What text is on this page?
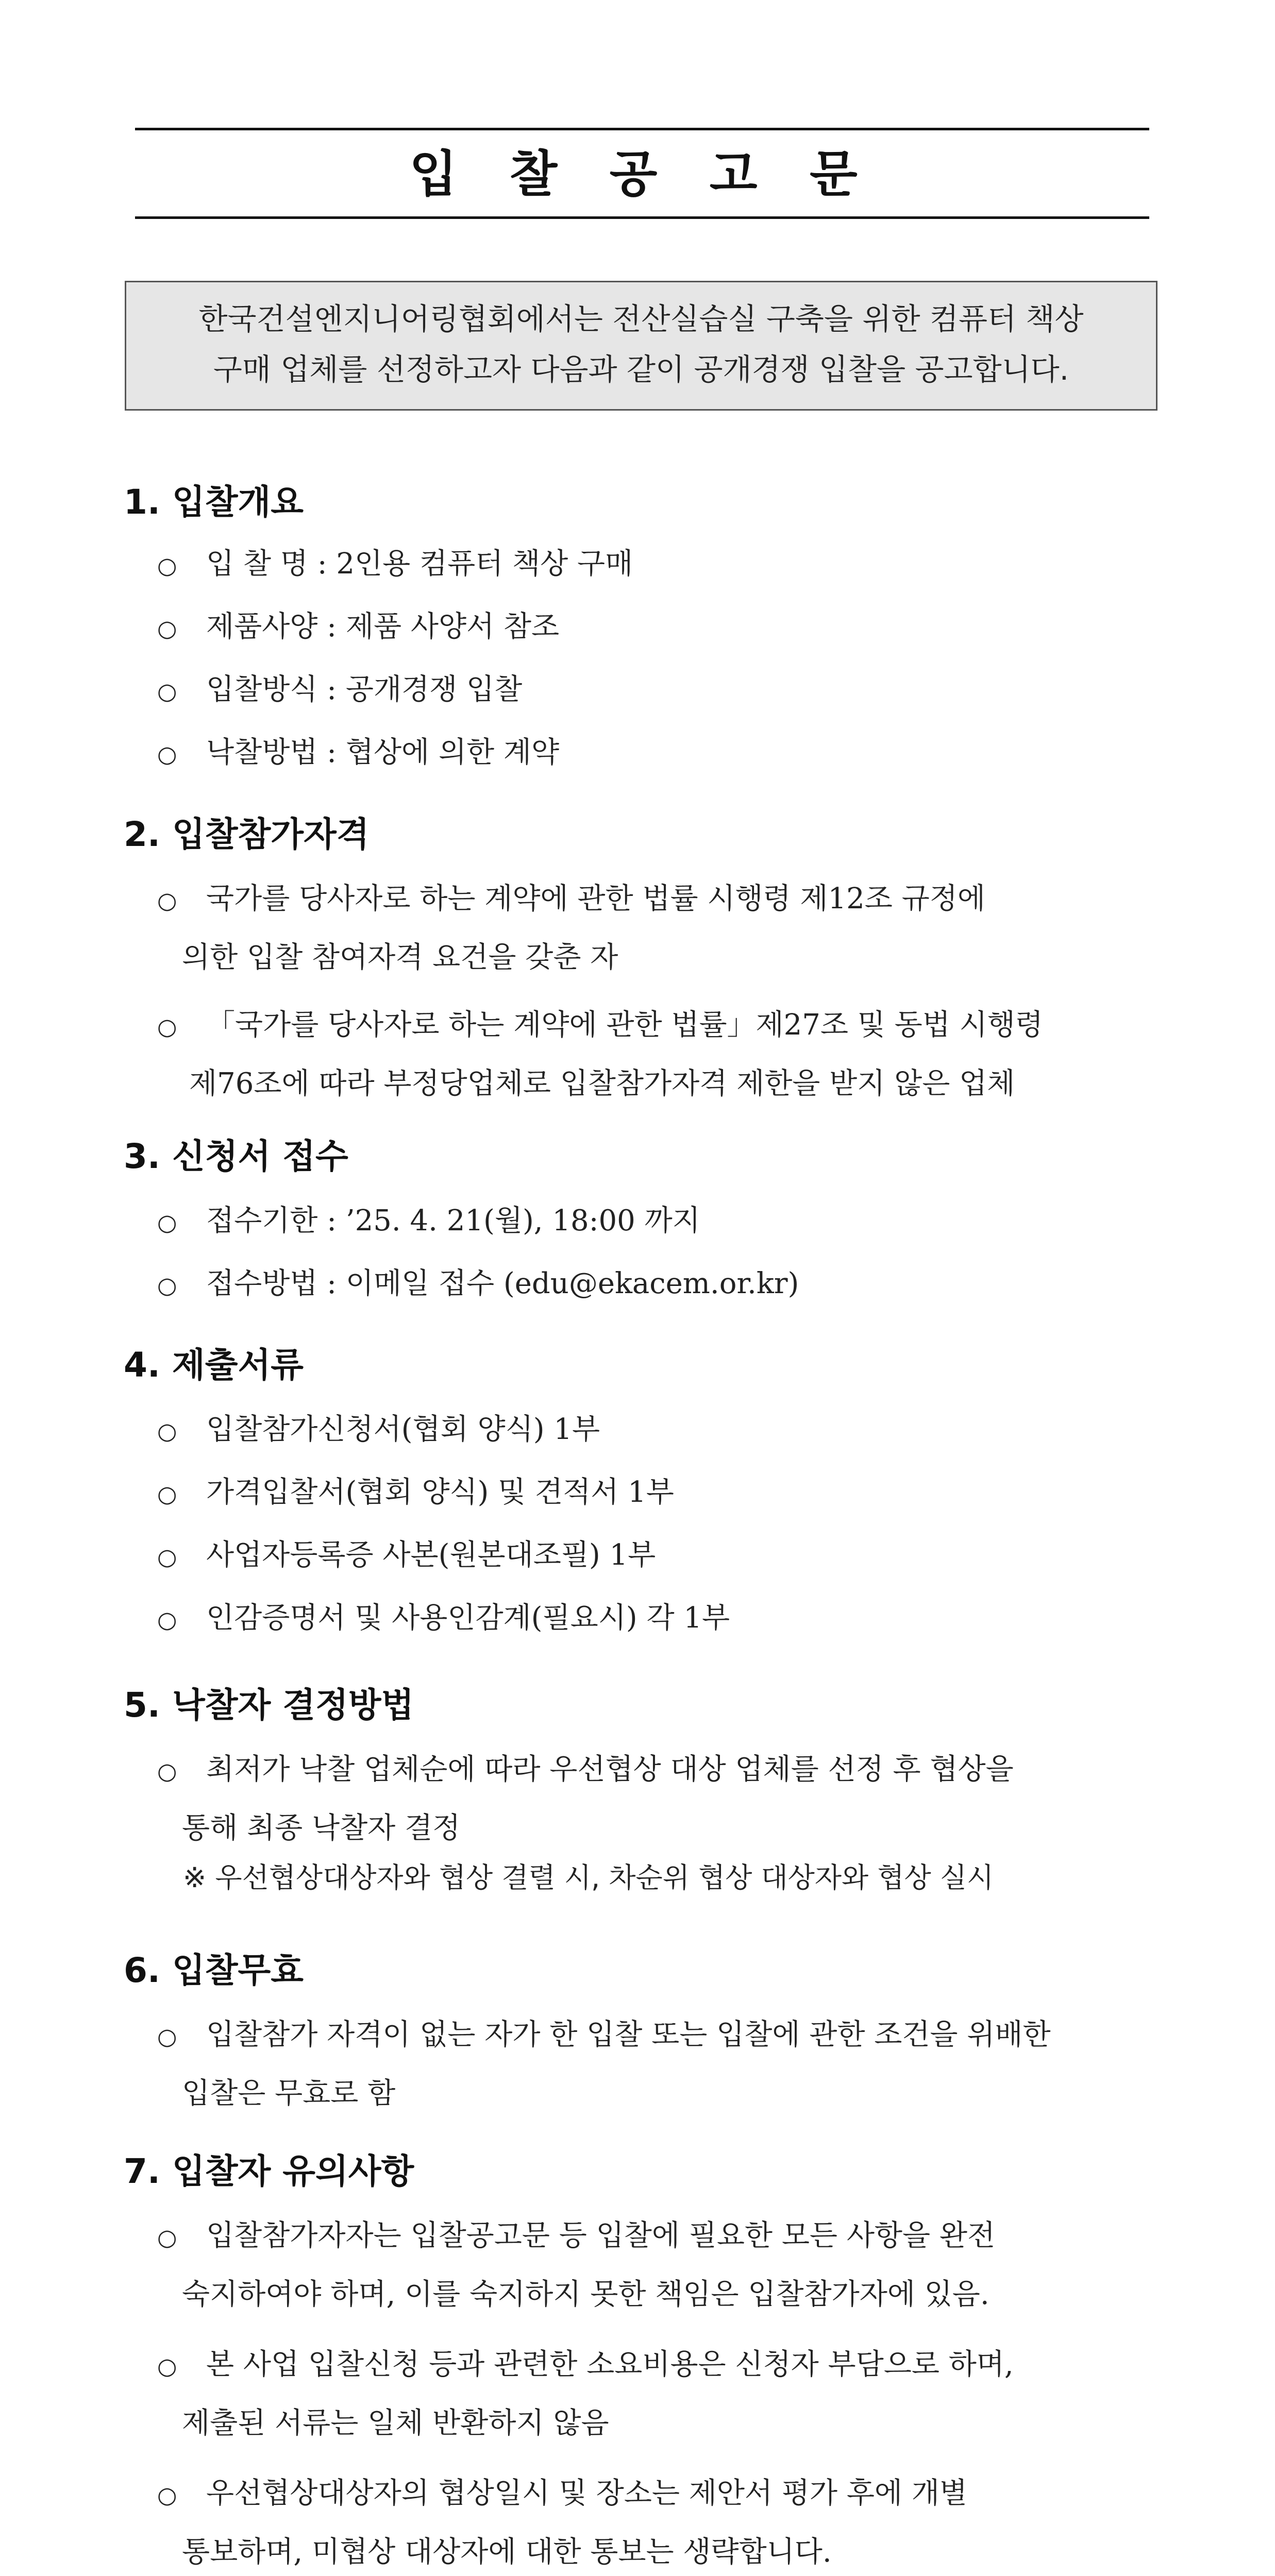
입 찰 공 고 문
한국건설엔지니어링협회에서는 전산실습실 구축을 위한 컴퓨터 책상
구매 업체를 선정하고자 다음과 같이 공개경쟁 입찰을 공고합니다.
1. 입찰개요
○ 입 찰 명 : 2인용 컴퓨터 책상 구매
○ 제품사양 : 제품 사양서 참조
○ 입찰방식 : 공개경쟁 입찰
○ 낙찰방법 : 협상에 의한 계약
2. 입찰참가자격
○ 국가를 당사자로 하는 계약에 관한 법률 시행령 제12조 규정에
의한 입찰 참여자격 요건을 갖춘 자
○ 「국가를 당사자로 하는 계약에 관한 법률」제27조 및 동법 시행령
제76조에 따라 부정당업체로 입찰참가자격 제한을 받지 않은 업체
3. 신청서 접수
○ 접수기한 : ’25. 4. 21(월), 18:00 까지
○ 접수방법 : 이메일 접수 (edu@ekacem.or.kr)
4. 제출서류
○ 입찰참가신청서(협회 양식) 1부
○ 가격입찰서(협회 양식) 및 견적서 1부
○ 사업자등록증 사본(원본대조필) 1부
○ 인감증명서 및 사용인감계(필요시) 각 1부
5. 낙찰자 결정방법
○ 최저가 낙찰 업체순에 따라 우선협상 대상 업체를 선정 후 협상을
통해 최종 낙찰자 결정
※ 우선협상대상자와 협상 결렬 시, 차순위 협상 대상자와 협상 실시
6. 입찰무효
○ 입찰참가 자격이 없는 자가 한 입찰 또는 입찰에 관한 조건을 위배한
입찰은 무효로 함
7. 입찰자 유의사항
○ 입찰참가자자는 입찰공고문 등 입찰에 필요한 모든 사항을 완전
숙지하여야 하며, 이를 숙지하지 못한 책임은 입찰참가자에 있음.
○ 본 사업 입찰신청 등과 관련한 소요비용은 신청자 부담으로 하며,
제출된 서류는 일체 반환하지 않음
○ 우선협상대상자의 협상일시 및 장소는 제안서 평가 후에 개별
통보하며, 미협상 대상자에 대한 통보는 생략합니다.
